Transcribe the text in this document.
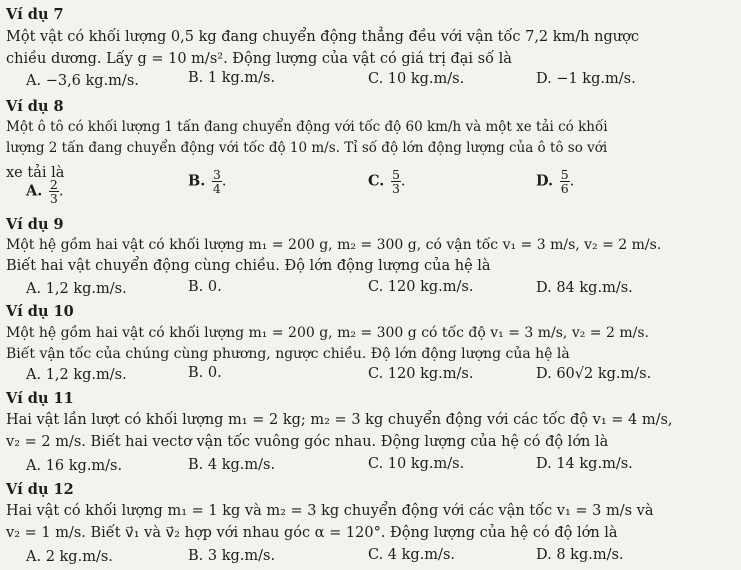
Ví dụ 7
Một vật có khối lượng 0,5 kg đang chuyển động thẳng đều với vận tốc 7,2 km/h ngược
chiều dương. Lấy g = 10 m/s². Động lượng của vật có giá trị đại số là
A. −3,6 kg.m/s.	B. 1 kg.m/s.	C. 10 kg.m/s.	D. −1 kg.m/s.
Ví dụ 8
Một ô tô có khối lượng 1 tấn đang chuyển động với tốc độ 60 km/h và một xe tải có khối
lượng 2 tấn đang chuyển động với tốc độ 10 m/s. Tỉ số độ lớn động lượng của ô tô so với
xe tải là
A. $\frac{2}{3}$ .
B. $\frac{3}{4}$ .	C. $\frac{5}{3}$ .	D. $\frac{5}{6}$ .
Ví dụ 9
Một hệ gồm hai vật có khối lượng m₁ = 200 g, m₂ = 300 g, có vận tốc v₁ = 3 m/s, v₂ = 2 m/s.
Biết hai vật chuyển động cùng chiều. Độ lớn động lượng của hệ là
A. 1,2 kg.m/s.	B. 0.	C. 120 kg.m/s.	D. 84 kg.m/s.
Ví dụ 10
Một hệ gồm hai vật có khối lượng m₁ = 200 g, m₂ = 300 g có tốc độ v₁ = 3 m/s, v₂ = 2 m/s.
Biết vận tốc của chúng cùng phương, ngược chiều. Độ lớn động lượng của hệ là
A. 1,2 kg.m/s.	B. 0.	C. 120 kg.m/s.	D. 60√2 kg.m/s.
Ví dụ 11
Hai vật lần lượt có khối lượng m₁ = 2 kg; m₂ = 3 kg chuyển động với các tốc độ v₁ = 4 m/s,
v₂ = 2 m/s. Biết hai vectơ vận tốc vuông góc nhau. Động lượng của hệ có độ lớn là
A. 16 kg.m/s.	B. 4 kg.m/s.	C. 10 kg.m/s.	D. 14 kg.m/s.
Ví dụ 12
Hai vật có khối lượng m₁ = 1 kg và m₂ = 3 kg chuyển động với các vận tốc v₁ = 3 m/s và
v₂ = 1 m/s. Biết v⃗₁ và v⃗₂ hợp với nhau góc α = 120°. Động lượng của hệ có độ lớn là
A. 2 kg.m/s.	B. 3 kg.m/s.	C. 4 kg.m/s.	D. 8 kg.m/s.
